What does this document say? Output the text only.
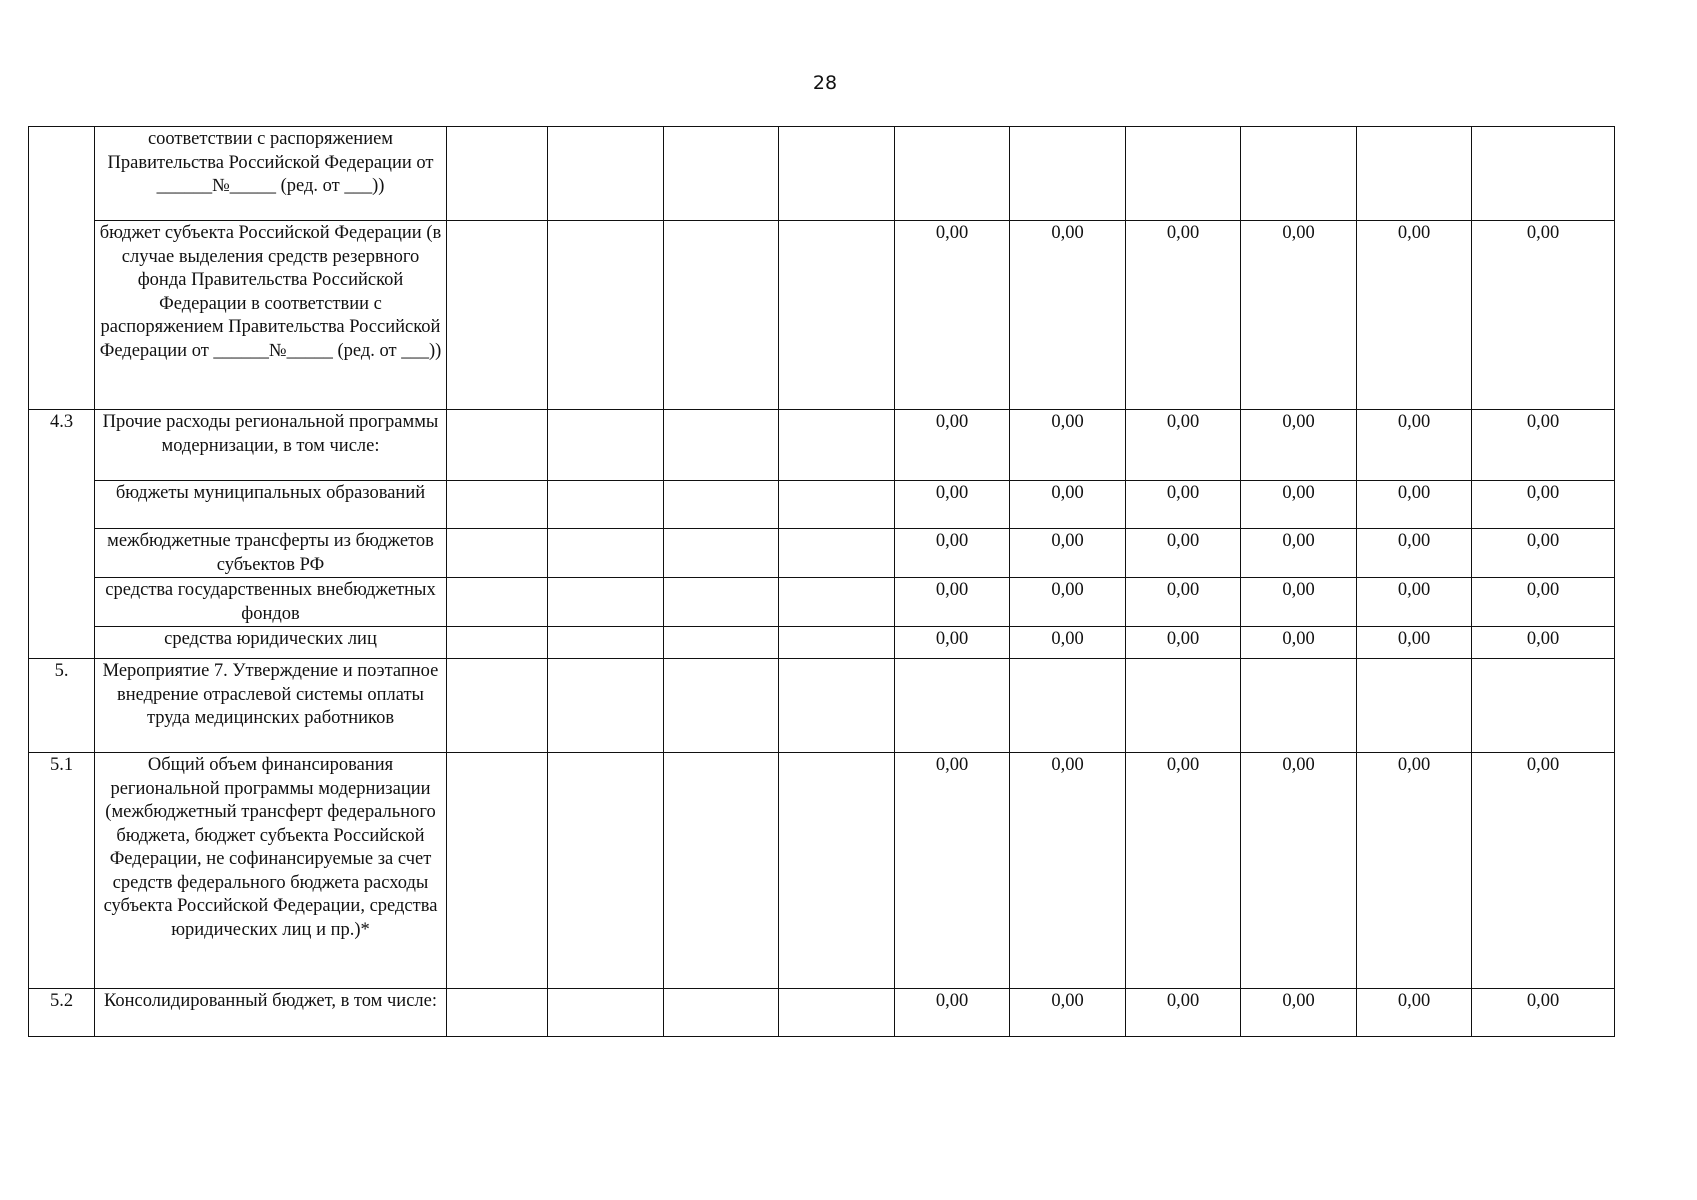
28
	соответствии с распоряжением Правительства Российской Федерации от ______№_____ (ред. от ___))										
	бюджет субъекта Российской Федерации (в случае выделения средств резервного фонда Правительства Российской Федерации в соответствии с распоряжением Правительства Российской Федерации от ______№_____ (ред. от ___))					0,00	0,00	0,00	0,00	0,00	0,00
4.3	Прочие расходы региональной программы модернизации, в том числе:					0,00	0,00	0,00	0,00	0,00	0,00
	бюджеты муниципальных образований					0,00	0,00	0,00	0,00	0,00	0,00
	межбюджетные трансферты из бюджетов субъектов РФ					0,00	0,00	0,00	0,00	0,00	0,00
	средства государственных внебюджетных фондов					0,00	0,00	0,00	0,00	0,00	0,00
	средства юридических лиц					0,00	0,00	0,00	0,00	0,00	0,00
5.	Мероприятие 7. Утверждение и поэтапное внедрение отраслевой системы оплаты труда медицинских работников										
5.1	Общий объем финансирования региональной программы модернизации (межбюджетный трансферт федерального бюджета, бюджет субъекта Российской Федерации, не софинансируемые за счет средств федерального бюджета расходы субъекта Российской Федерации, средства юридических лиц и пр.)*					0,00	0,00	0,00	0,00	0,00	0,00
5.2	Консолидированный бюджет, в том числе:					0,00	0,00	0,00	0,00	0,00	0,00
